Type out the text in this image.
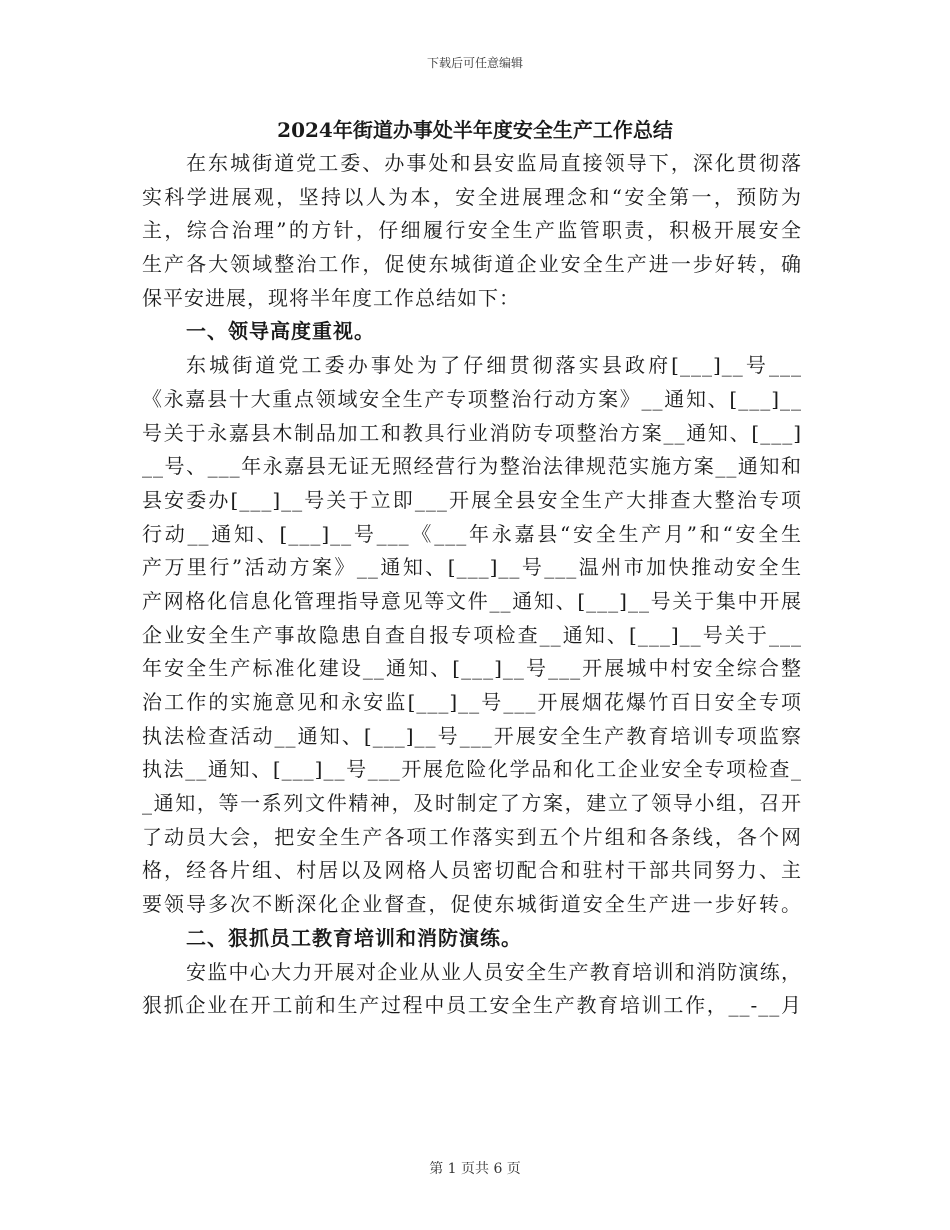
下载后可任意编辑
2024年街道办事处半年度安全生产工作总结
在东城街道党工委、办事处和县安监局直接领导下，深化贯彻落
实科学进展观，坚持以人为本，安全进展理念和“安全第一，预防为
主，综合治理”的方针，仔细履行安全生产监管职责，积极开展安全
生产各大领域整治工作，促使东城街道企业安全生产进一步好转，确
保平安进展，现将半年度工作总结如下：
一、领导高度重视。
东城街道党工委办事处为了仔细贯彻落实县政府[___]__号___
《永嘉县十大重点领域安全生产专项整治行动方案》__通知、[___]__
号关于永嘉县木制品加工和教具行业消防专项整治方案__通知、[___]
__号、___年永嘉县无证无照经营行为整治法律规范实施方案__通知和
县安委办[___]__号关于立即___开展全县安全生产大排查大整治专项
行动__通知、[___]__号___《___年永嘉县“安全生产月”和“安全生
产万里行”活动方案》__通知、[___]__号___温州市加快推动安全生
产网格化信息化管理指导意见等文件__通知、[___]__号关于集中开展
企业安全生产事故隐患自查自报专项检查__通知、[___]__号关于___
年安全生产标准化建设__通知、[___]__号___开展城中村安全综合整
治工作的实施意见和永安监[___]__号___开展烟花爆竹百日安全专项
执法检查活动__通知、[___]__号___开展安全生产教育培训专项监察
执法__通知、[___]__号___开展危险化学品和化工企业安全专项检查_
_通知，等一系列文件精神，及时制定了方案，建立了领导小组，召开
了动员大会，把安全生产各项工作落实到五个片组和各条线，各个网
格，经各片组、村居以及网格人员密切配合和驻村干部共同努力、主
要领导多次不断深化企业督查，促使东城街道安全生产进一步好转。
二、狠抓员工教育培训和消防演练。
安监中心大力开展对企业从业人员安全生产教育培训和消防演练，
狠抓企业在开工前和生产过程中员工安全生产教育培训工作，__-__月
第 1 页共 6 页
